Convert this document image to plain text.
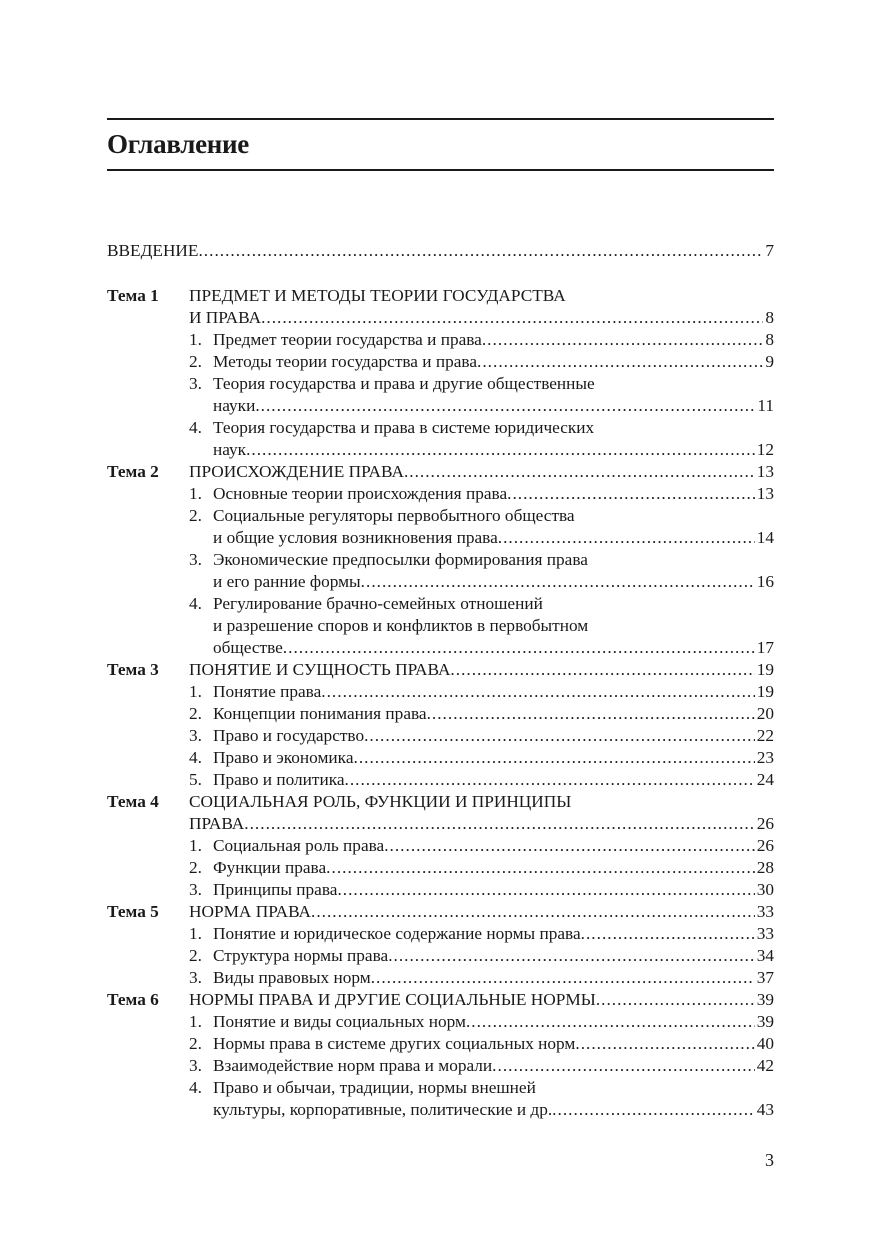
Оглавление
ВВЕДЕНИЕ .....	7
Тема 1 ПРЕДМЕТ И МЕТОДЫ ТЕОРИИ ГОСУДАРСТВА
И ПРАВА .....	8
1. Предмет теории государства и права .....	8
2. Методы теории государства и права .....	9
3. Теория государства и права и другие общественные
науки .....	11
4. Теория государства и права в системе юридических
наук .....	12
Тема 2 ПРОИСХОЖДЕНИЕ ПРАВА .....	13
1. Основные теории происхождения права .....	13
2. Социальные регуляторы первобытного общества
и общие условия возникновения права .....	14
3. Экономические предпосылки формирования права
и его ранние формы .....	16
4. Регулирование брачно-семейных отношений
и разрешение споров и конфликтов в первобытном
обществе .....	17
Тема 3 ПОНЯТИЕ И СУЩНОСТЬ ПРАВА .....	19
1. Понятие права .....	19
2. Концепции понимания права .....	20
3. Право и государство .....	22
4. Право и экономика .....	23
5. Право и политика .....	24
Тема 4 СОЦИАЛЬНАЯ РОЛЬ, ФУНКЦИИ И ПРИНЦИПЫ
ПРАВА .....	26
1. Социальная роль права .....	26
2. Функции права .....	28
3. Принципы права .....	30
Тема 5 НОРМА ПРАВА .....	33
1. Понятие и юридическое содержание нормы права .....	33
2. Структура нормы права .....	34
3. Виды правовых норм .....	37
Тема 6 НОРМЫ ПРАВА И ДРУГИЕ СОЦИАЛЬНЫЕ НОРМЫ .....	39
1. Понятие и виды социальных норм .....	39
2. Нормы права в системе других социальных норм .....	40
3. Взаимодействие норм права и морали .....	42
4. Право и обычаи, традиции, нормы внешней
культуры, корпоративные, политические и др. .....	43
3
